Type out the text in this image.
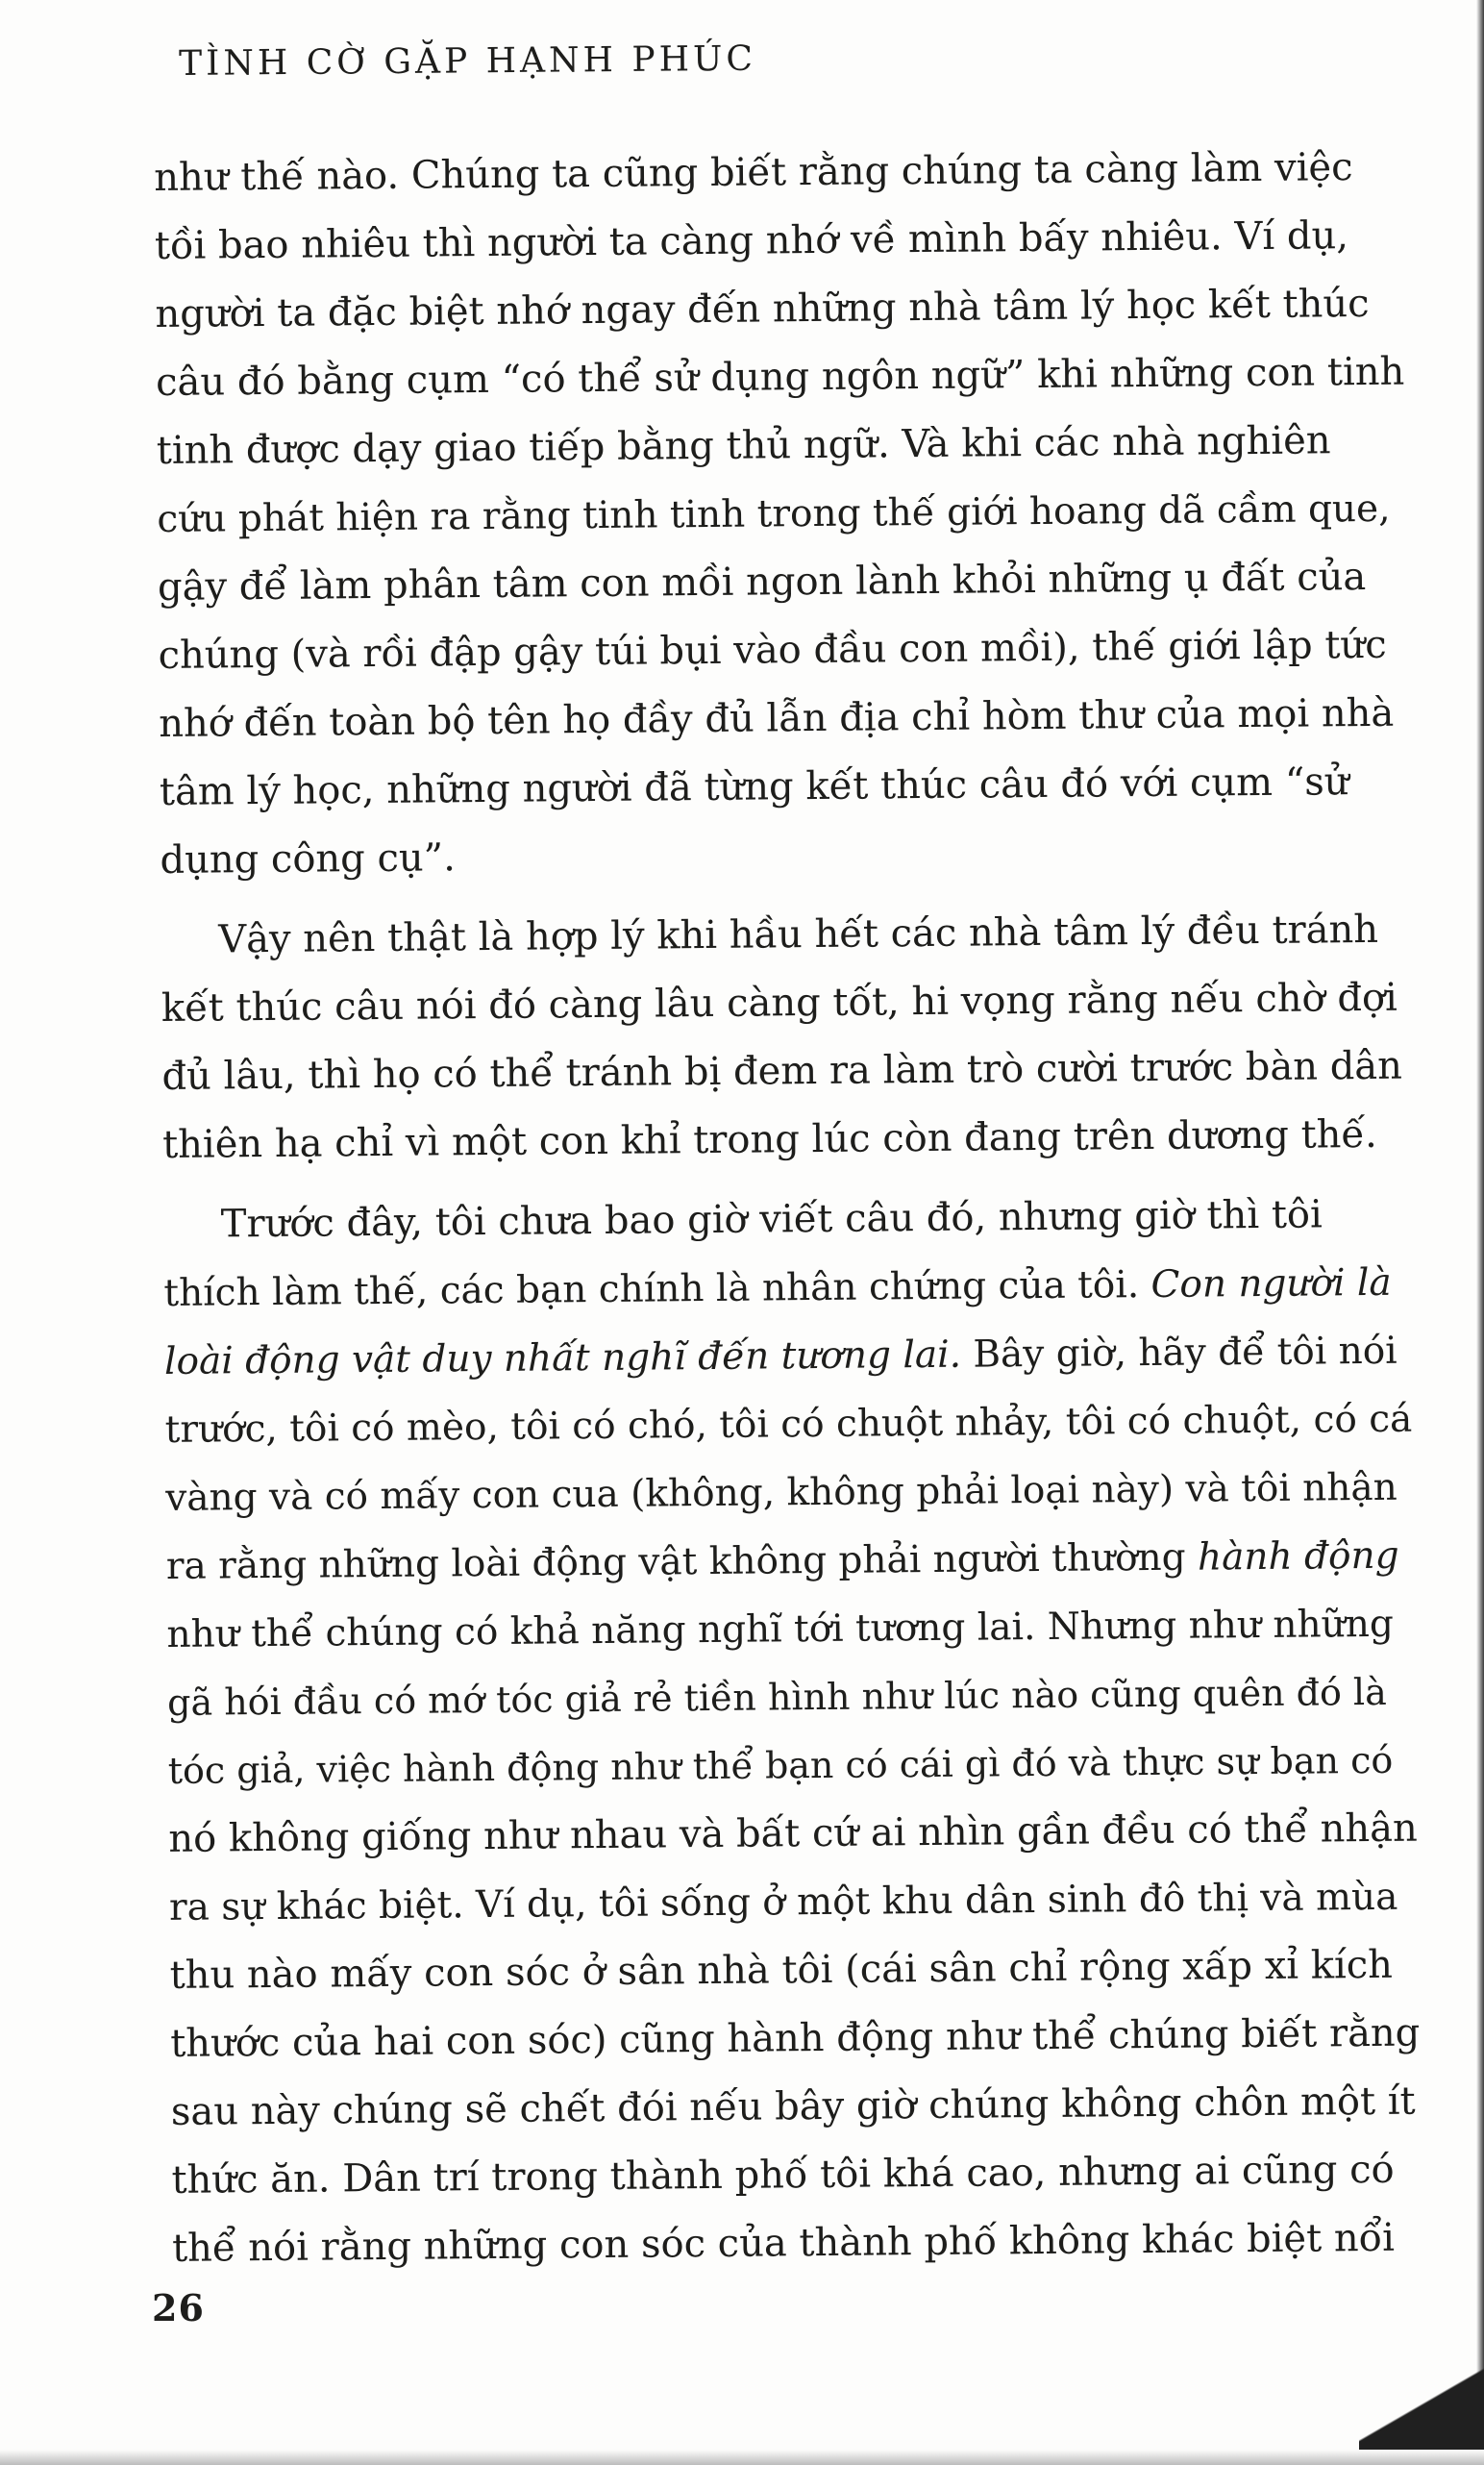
TÌNH CỜ GẶP HẠNH PHÚC
như thế nào. Chúng ta cũng biết rằng chúng ta càng làm việc
tồi bao nhiêu thì người ta càng nhớ về mình bấy nhiêu. Ví dụ,
người ta đặc biệt nhớ ngay đến những nhà tâm lý học kết thúc
câu đó bằng cụm “có thể sử dụng ngôn ngữ” khi những con tinh
tinh được dạy giao tiếp bằng thủ ngữ. Và khi các nhà nghiên
cứu phát hiện ra rằng tinh tinh trong thế giới hoang dã cầm que,
gậy để làm phân tâm con mồi ngon lành khỏi những ụ đất của
chúng (và rồi đập gậy túi bụi vào đầu con mồi), thế giới lập tức
nhớ đến toàn bộ tên họ đầy đủ lẫn địa chỉ hòm thư của mọi nhà
tâm lý học, những người đã từng kết thúc câu đó với cụm “sử
dụng công cụ”.
Vậy nên thật là hợp lý khi hầu hết các nhà tâm lý đều tránh
kết thúc câu nói đó càng lâu càng tốt, hi vọng rằng nếu chờ đợi
đủ lâu, thì họ có thể tránh bị đem ra làm trò cười trước bàn dân
thiên hạ chỉ vì một con khỉ trong lúc còn đang trên dương thế.
Trước đây, tôi chưa bao giờ viết câu đó, nhưng giờ thì tôi
thích làm thế, các bạn chính là nhân chứng của tôi. Con người là
loài động vật duy nhất nghĩ đến tương lai. Bây giờ, hãy để tôi nói
trước, tôi có mèo, tôi có chó, tôi có chuột nhảy, tôi có chuột, có cá
vàng và có mấy con cua (không, không phải loại này) và tôi nhận
ra rằng những loài động vật không phải người thường hành động
như thể chúng có khả năng nghĩ tới tương lai. Nhưng như những
gã hói đầu có mớ tóc giả rẻ tiền hình như lúc nào cũng quên đó là
tóc giả, việc hành động như thể bạn có cái gì đó và thực sự bạn có
nó không giống như nhau và bất cứ ai nhìn gần đều có thể nhận
ra sự khác biệt. Ví dụ, tôi sống ở một khu dân sinh đô thị và mùa
thu nào mấy con sóc ở sân nhà tôi (cái sân chỉ rộng xấp xỉ kích
thước của hai con sóc) cũng hành động như thể chúng biết rằng
sau này chúng sẽ chết đói nếu bây giờ chúng không chôn một ít
thức ăn. Dân trí trong thành phố tôi khá cao, nhưng ai cũng có
thể nói rằng những con sóc của thành phố không khác biệt nổi
26
